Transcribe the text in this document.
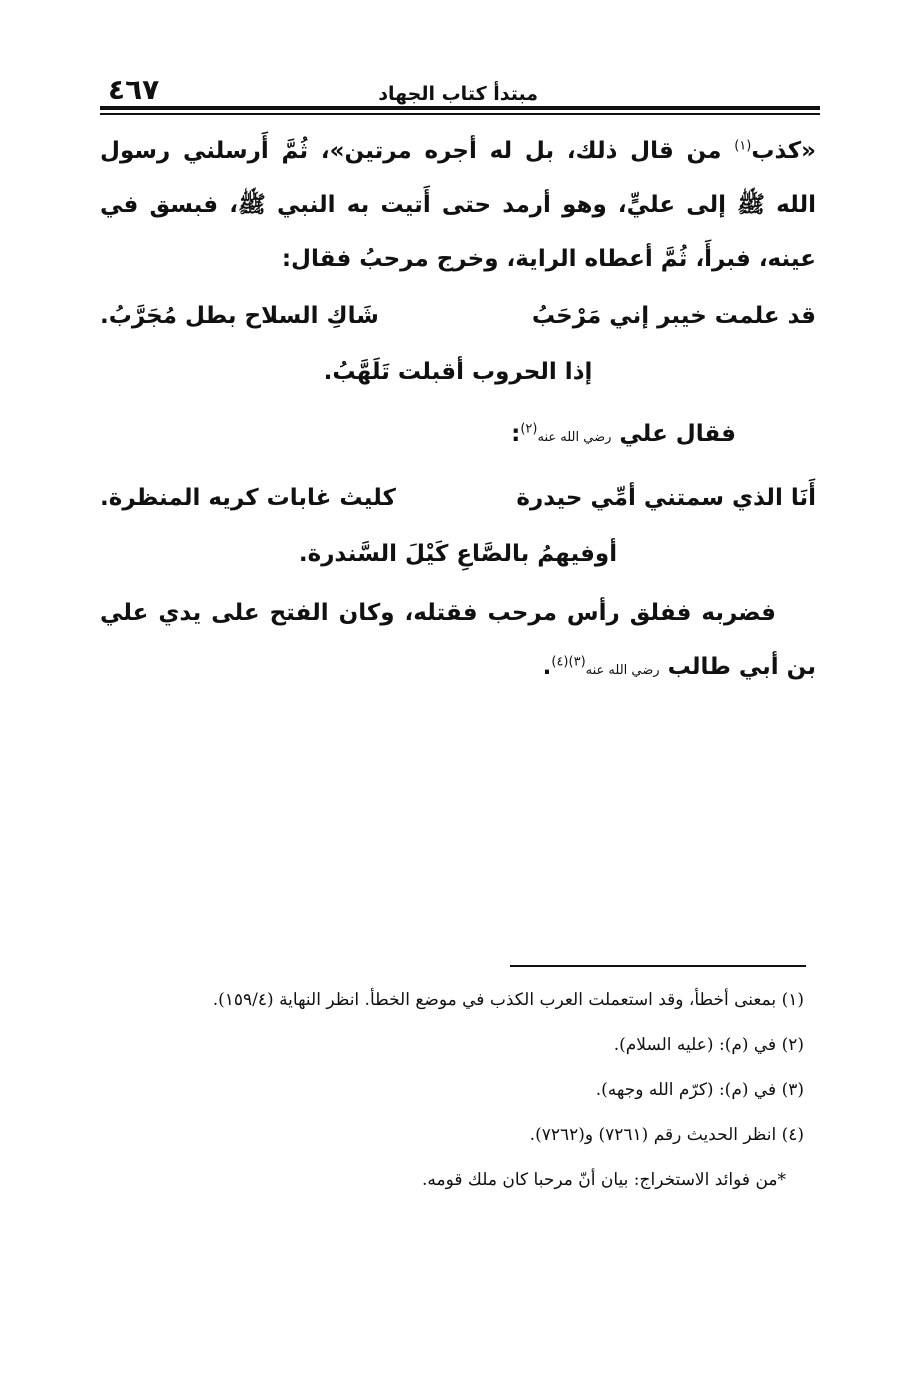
٤٦٧	مبتدأ كتاب الجهاد

«كذب$^{(١)}$ من قال ذلك، بل له أجره مرتين»، ثُمَّ أَرسلني رسول الله ﷺ إلى عليٍّ، وهو أرمد حتى أَتيت به النبي ﷺ، فبسق في عينه، فبرأَ، ثُمَّ أعطاه الراية، وخرج مرحبُ فقال:

قد علمت خيبر إني مَرْحَبُ
شَاكِ السلاح بطل مُجَرَّبُ.
إذا الحروب أقبلت تَلَهَّبُ.
فقال علي رضي الله عنه$^{(٢)}$:
أَنَا الذي سمتني أمِّي حيدرة
كليث غابات كريه المنظرة.
أوفيهمُ بالصَّاعِ كَيْلَ السَّندرة.

فضربه ففلق رأس مرحب فقتله، وكان الفتح على يدي علي بن أبي طالب رضي الله عنه$^{(٣)(٤)}$.

(١) بمعنى أخطأ، وقد استعملت العرب الكذب في موضع الخطأ. انظر النهاية (١٥٩/٤).

(٢) في (م): (عليه السلام).

(٣) في (م): (كرّم الله وجهه).

(٤) انظر الحديث رقم (٧٢٦١) و(٧٢٦٢).

*من فوائد الاستخراج: بيان أنّ مرحبا كان ملك قومه.
